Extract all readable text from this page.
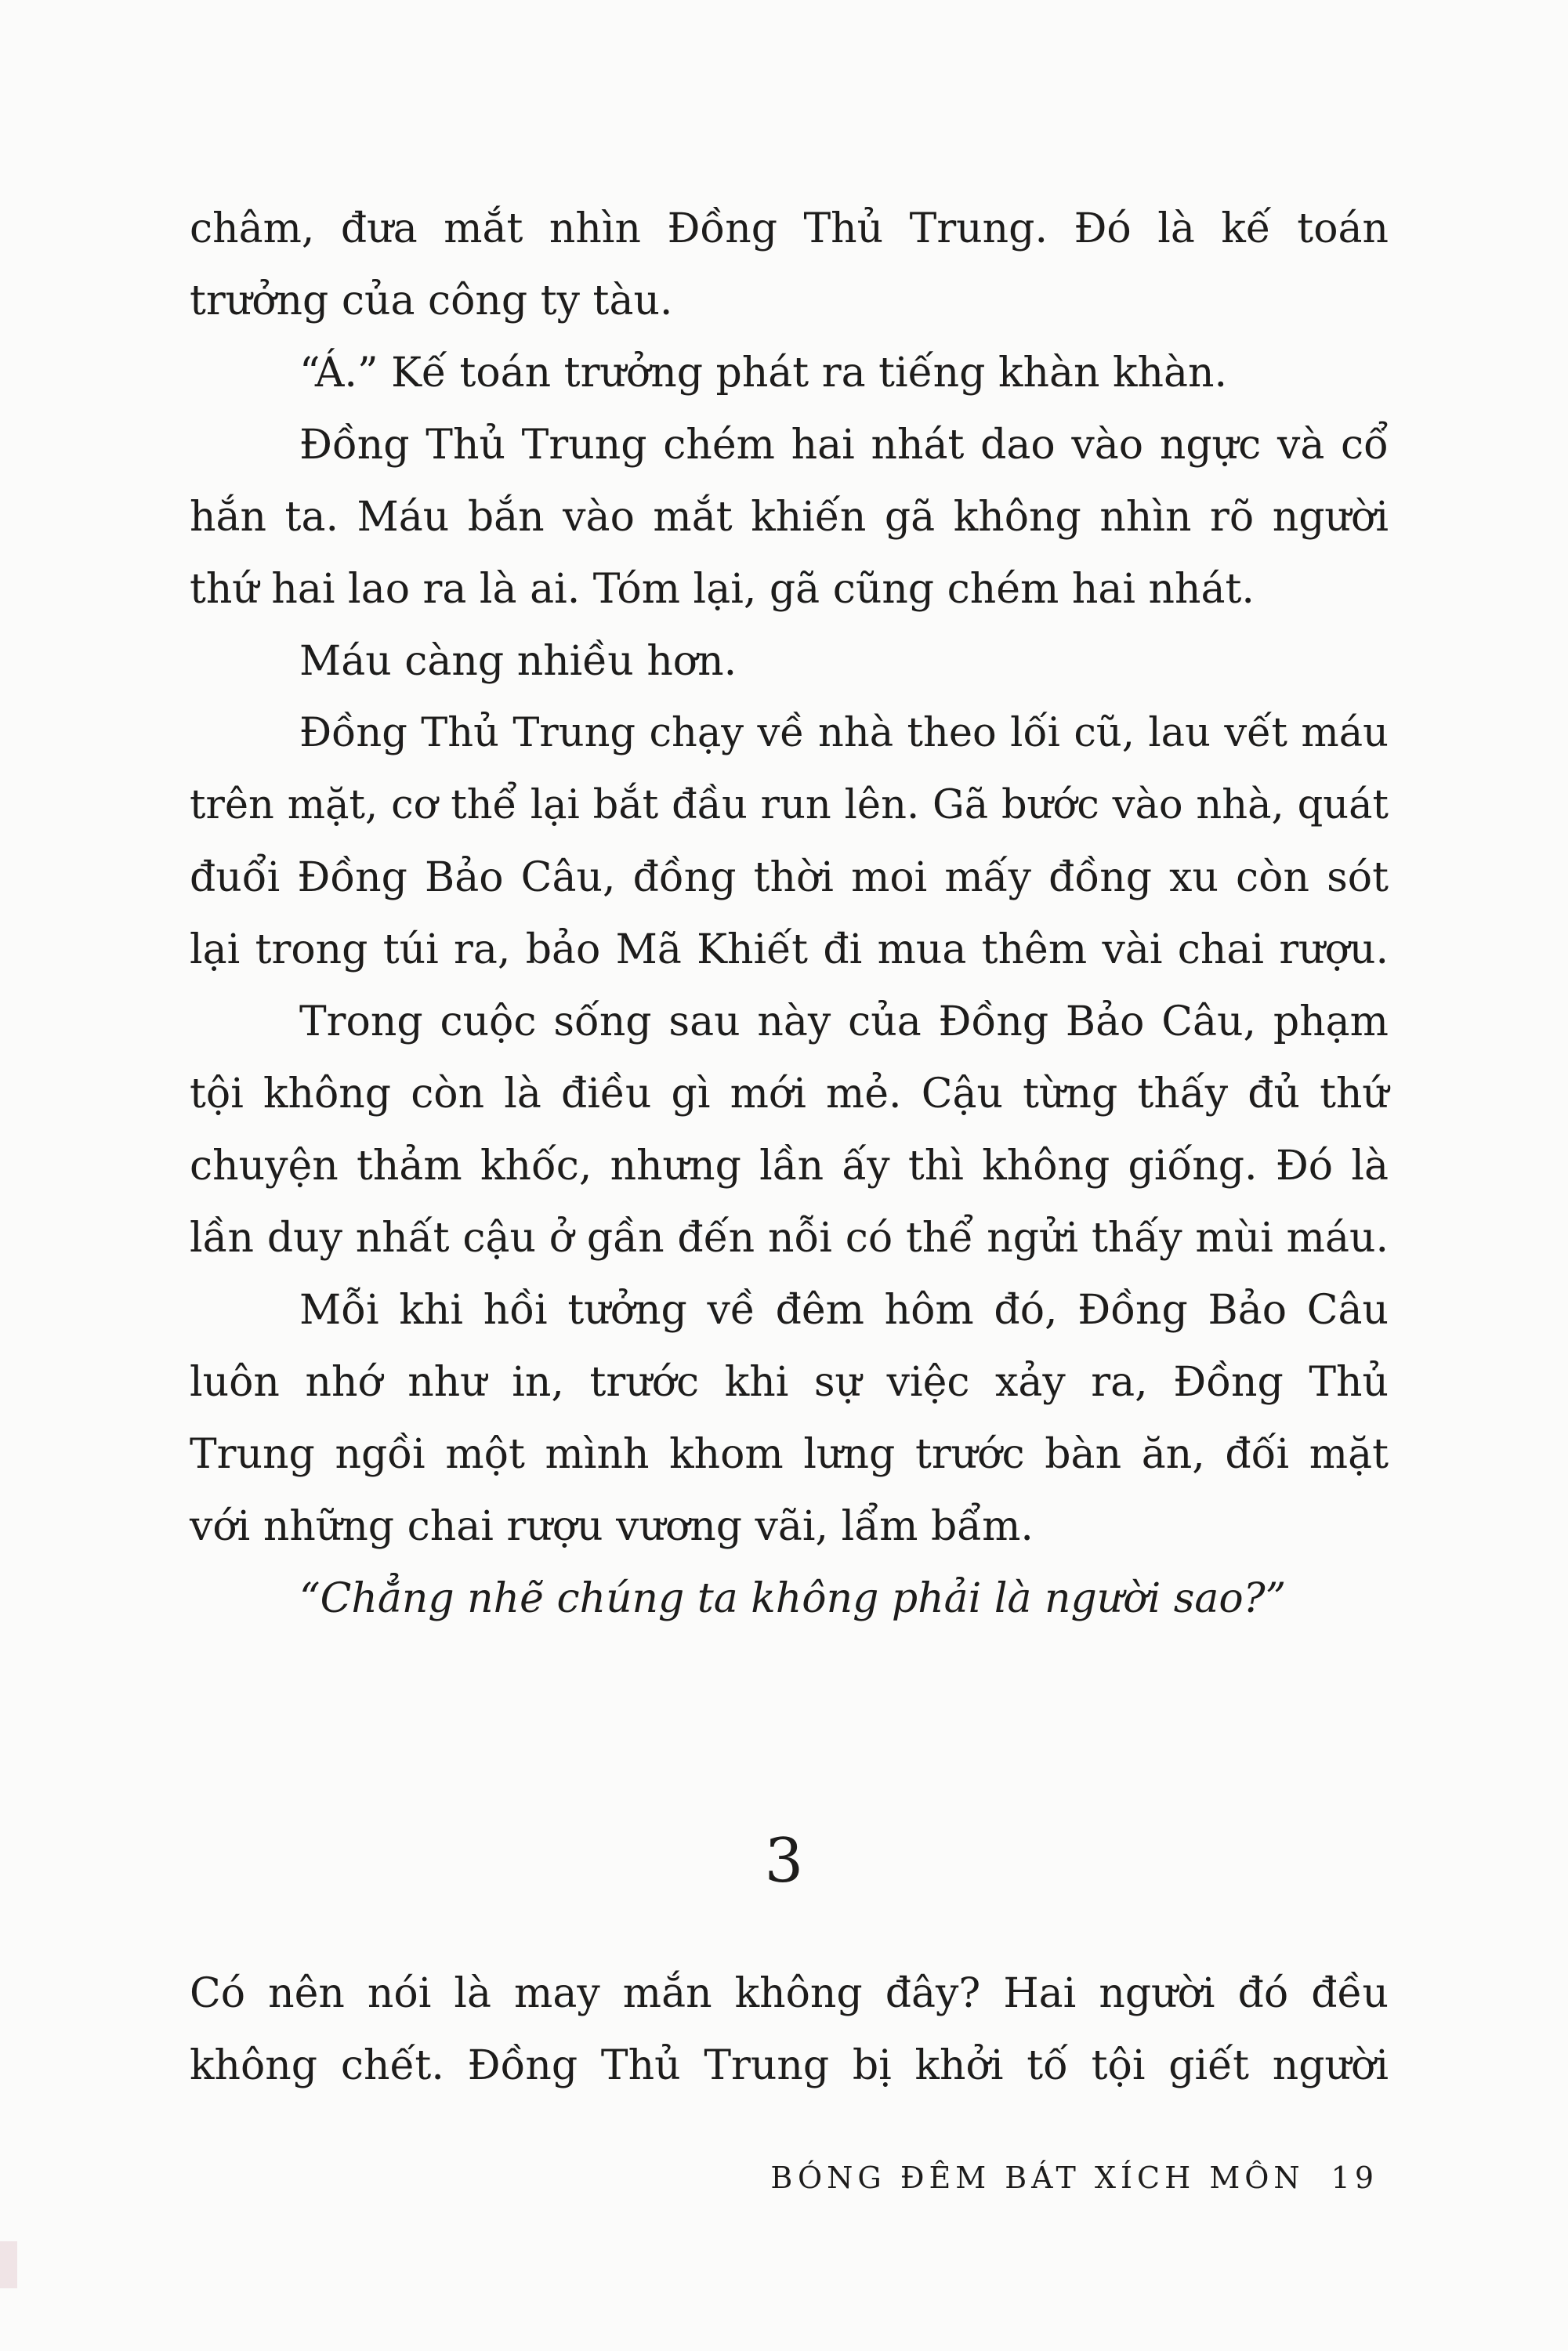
châm, đưa mắt nhìn Đồng Thủ Trung. Đó là kế toán
trưởng của công ty tàu.
“Á.” Kế toán trưởng phát ra tiếng khàn khàn.
Đồng Thủ Trung chém hai nhát dao vào ngực và cổ
hắn ta. Máu bắn vào mắt khiến gã không nhìn rõ người
thứ hai lao ra là ai. Tóm lại, gã cũng chém hai nhát.
Máu càng nhiều hơn.
Đồng Thủ Trung chạy về nhà theo lối cũ, lau vết máu
trên mặt, cơ thể lại bắt đầu run lên. Gã bước vào nhà, quát
đuổi Đồng Bảo Câu, đồng thời moi mấy đồng xu còn sót
lại trong túi ra, bảo Mã Khiết đi mua thêm vài chai rượu.
Trong cuộc sống sau này của Đồng Bảo Câu, phạm
tội không còn là điều gì mới mẻ. Cậu từng thấy đủ thứ
chuyện thảm khốc, nhưng lần ấy thì không giống. Đó là
lần duy nhất cậu ở gần đến nỗi có thể ngửi thấy mùi máu.
Mỗi khi hồi tưởng về đêm hôm đó, Đồng Bảo Câu
luôn nhớ như in, trước khi sự việc xảy ra, Đồng Thủ
Trung ngồi một mình khom lưng trước bàn ăn, đối mặt
với những chai rượu vương vãi, lẩm bẩm.
“Chẳng nhẽ chúng ta không phải là người sao?”
3
Có nên nói là may mắn không đây? Hai người đó đều
không chết. Đồng Thủ Trung bị khởi tố tội giết người
BÓNG ĐÊM BÁT XÍCH MÔN 19
